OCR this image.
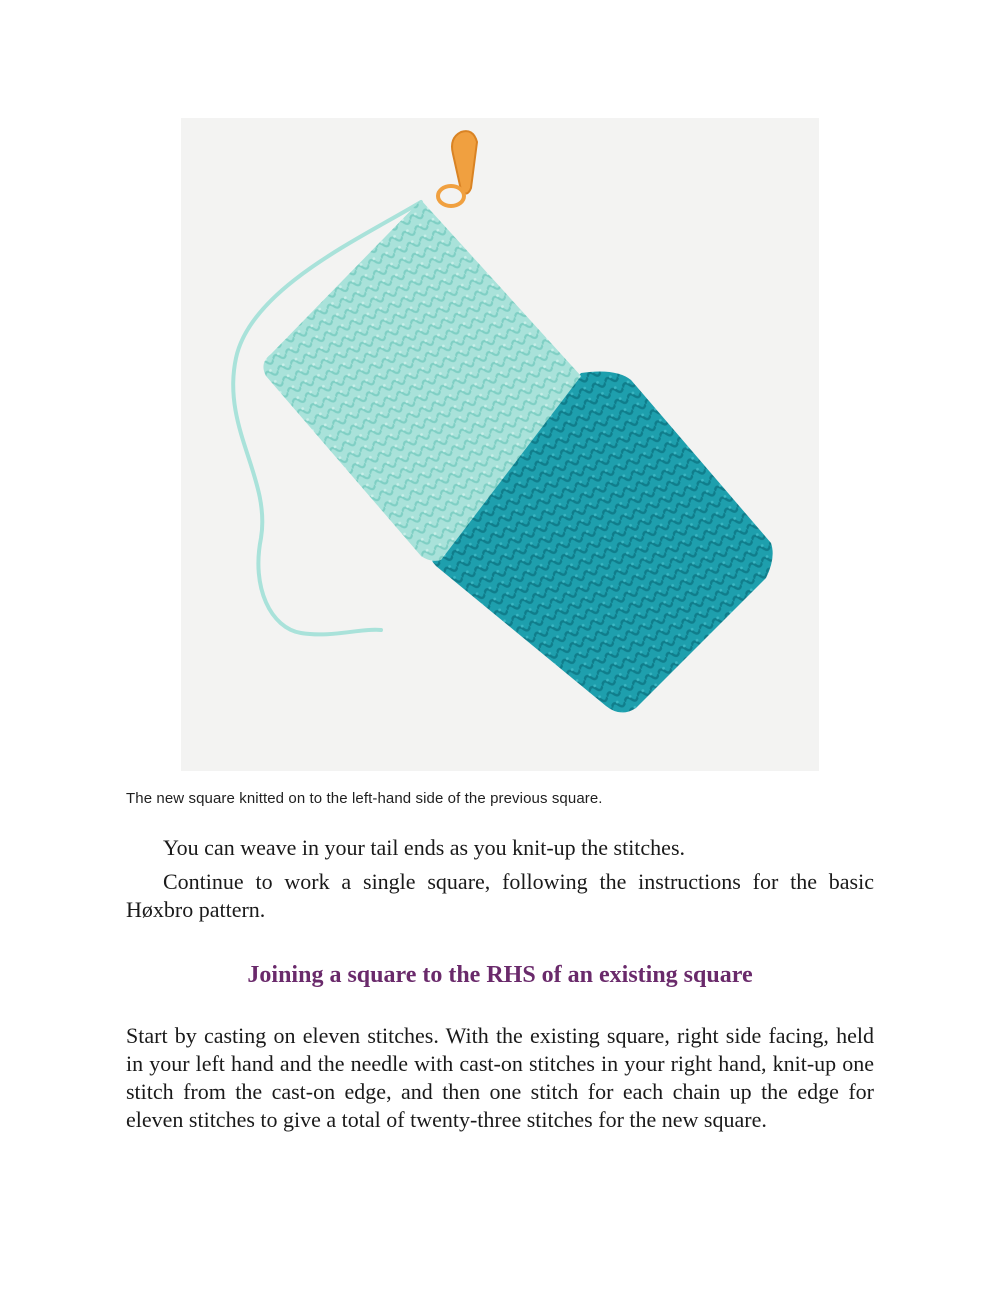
The new square knitted on to the left-hand side of the previous square.

You can weave in your tail ends as you knit-up the stitches.

Continue to work a single square, following the instructions for the basic Høxbro pattern.

Joining a square to the RHS of an existing square

Start by casting on eleven stitches. With the existing square, right side facing, held in your left hand and the needle with cast-on stitches in your right hand, knit-up one stitch from the cast-on edge, and then one stitch for each chain up the edge for eleven stitches to give a total of twenty-three stitches for the new square.
